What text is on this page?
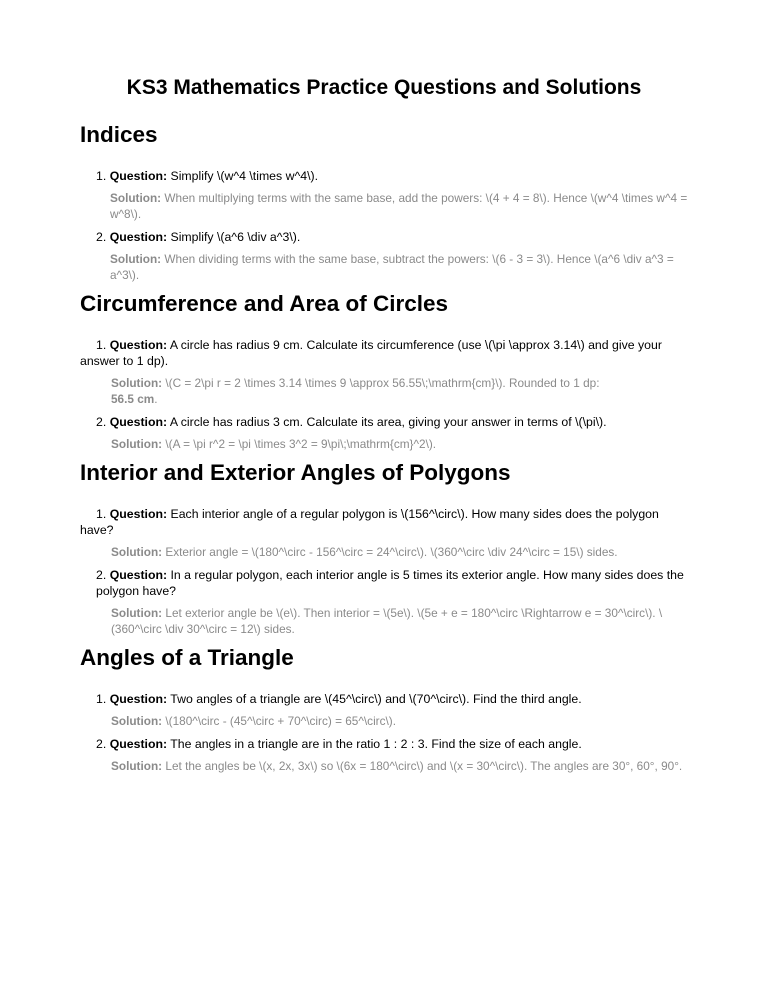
KS3 Mathematics Practice Questions and Solutions
Indices

1. Question: Simplify \(w^4 \times w^4\).

Solution: When multiplying terms with the same base, add the powers: \(4 + 4 = 8\). Hence \(w^4 \times w^4 = w^8\).

2. Question: Simplify \(a^6 \div a^3\).

Solution: When dividing terms with the same base, subtract the powers: \(6 - 3 = 3\). Hence \(a^6 \div a^3 = a^3\).

Circumference and Area of Circles

1. Question: A circle has radius 9 cm. Calculate its circumference (use \(\pi \approx 3.14\) and give your answer to 1 dp).

Solution: \(C = 2\pi r = 2 \times 3.14 \times 9 \approx 56.55\;\mathrm{cm}\). Rounded to 1 dp:
56.5 cm.

2. Question: A circle has radius 3 cm. Calculate its area, giving your answer in terms of \(\pi\).

Solution: \(A = \pi r^2 = \pi \times 3^2 = 9\pi\;\mathrm{cm}^2\).

Interior and Exterior Angles of Polygons

1. Question: Each interior angle of a regular polygon is \(156^\circ\). How many sides does the polygon have?

Solution: Exterior angle = \(180^\circ - 156^\circ = 24^\circ\). \(360^\circ \div 24^\circ = 15\) sides.

2. Question: In a regular polygon, each interior angle is 5 times its exterior angle. How many sides does the polygon have?

Solution: Let exterior angle be \(e\). Then interior = \(5e\). \(5e + e = 180^\circ \Rightarrow e = 30^\circ\). \(360^\circ \div 30^\circ = 12\) sides.

Angles of a Triangle

1. Question: Two angles of a triangle are \(45^\circ\) and \(70^\circ\). Find the third angle.

Solution: \(180^\circ - (45^\circ + 70^\circ) = 65^\circ\).

2. Question: The angles in a triangle are in the ratio 1 : 2 : 3. Find the size of each angle.

Solution: Let the angles be \(x, 2x, 3x\) so \(6x = 180^\circ\) and \(x = 30^\circ\). The angles are 30°, 60°, 90°.
